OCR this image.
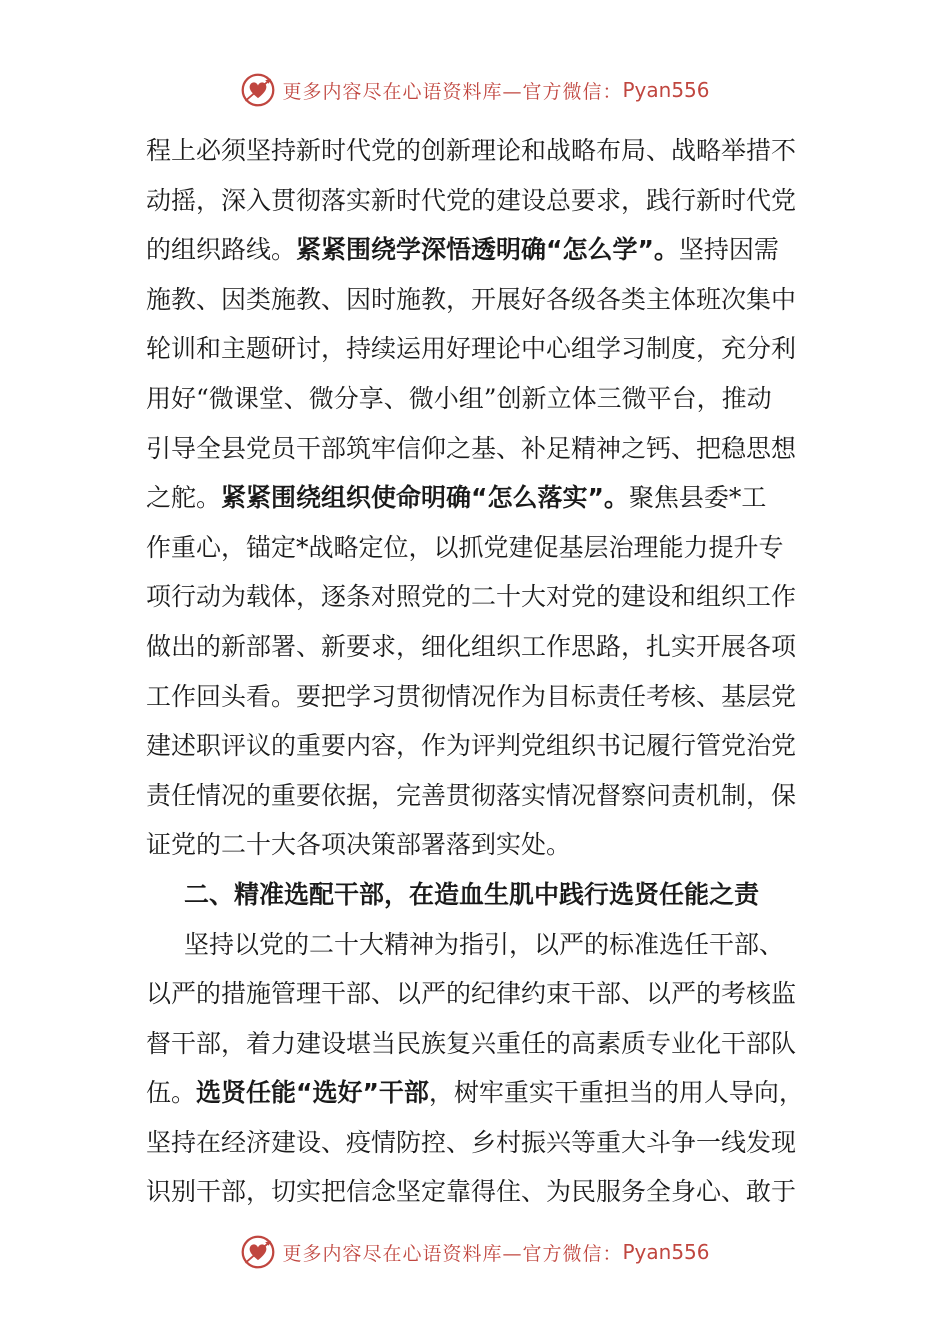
更多内容尽在心语资料库—官方微信： Pyan556
程上必须坚持新时代党的创新理论和战略布局、战略举措不
动摇，深入贯彻落实新时代党的建设总要求，践行新时代党
的组织路线。紧紧围绕学深悟透明确“怎么学”。坚持因需
施教、因类施教、因时施教，开展好各级各类主体班次集中
轮训和主题研讨，持续运用好理论中心组学习制度，充分利
用好“微课堂、微分享、微小组”创新立体三微平台，推动
引导全县党员干部筑牢信仰之基、补足精神之钙、把稳思想
之舵。紧紧围绕组织使命明确“怎么落实”。聚焦县委*工
作重心，锚定*战略定位，以抓党建促基层治理能力提升专
项行动为载体，逐条对照党的二十大对党的建设和组织工作
做出的新部署、新要求，细化组织工作思路，扎实开展各项
工作回头看。要把学习贯彻情况作为目标责任考核、基层党
建述职评议的重要内容，作为评判党组织书记履行管党治党
责任情况的重要依据，完善贯彻落实情况督察问责机制，保
证党的二十大各项决策部署落到实处。
二、精准选配干部，在造血生肌中践行选贤任能之责
坚持以党的二十大精神为指引，以严的标准选任干部、
以严的措施管理干部、以严的纪律约束干部、以严的考核监
督干部，着力建设堪当民族复兴重任的高素质专业化干部队
伍。选贤任能“选好”干部，树牢重实干重担当的用人导向，
坚持在经济建设、疫情防控、乡村振兴等重大斗争一线发现
识别干部，切实把信念坚定靠得住、为民服务全身心、敢于
更多内容尽在心语资料库—官方微信： Pyan556
